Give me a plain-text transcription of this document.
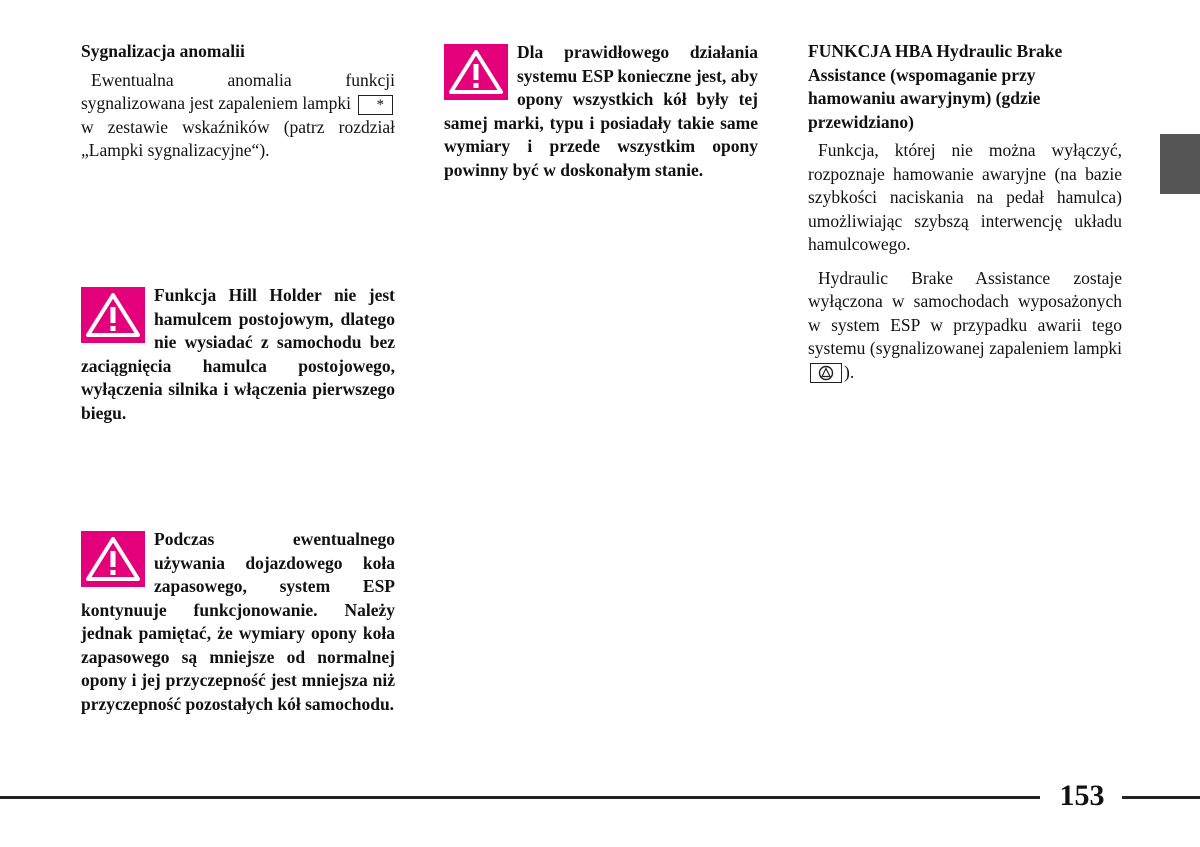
Sygnalizacja anomalii

Ewentualna anomalia funkcji sygnalizowana jest zapaleniem lampki * w zestawie wskaźników (patrz rozdział „Lampki sygnalizacyjne“).

Funkcja Hill Holder nie jest hamulcem postojowym, dlatego nie wysiadać z samochodu bez zaciągnięcia hamulca postojowego, wyłączenia silnika i włączenia pierwszego biegu.

Podczas ewentualnego używania dojazdowego koła zapasowego, system ESP kontynuuje funkcjonowanie. Należy jednak pamiętać, że wymiary opony koła zapasowego są mniejsze od normalnej opony i jej przyczepność jest mniejsza niż przyczepność pozostałych kół samochodu.

Dla prawidłowego działania systemu ESP konieczne jest, aby opony wszystkich kół były tej samej marki, typu i posiadały takie same wymiary i przede wszystkim opony powinny być w doskonałym stanie.

FUNKCJA HBA Hydraulic Brake Assistance (wspomaganie przy hamowaniu awaryjnym) (gdzie przewidziano)

Funkcja, której nie można wyłączyć, rozpoznaje hamowanie awaryjne (na bazie szybkości naciskania na pedał hamulca) umożliwiając szybszą interwencję układu hamulcowego.

Hydraulic Brake Assistance zostaje wyłączona w samochodach wyposażonych w system ESP w przypadku awarii tego systemu (sygnalizowanej zapaleniem lampki
).

153
